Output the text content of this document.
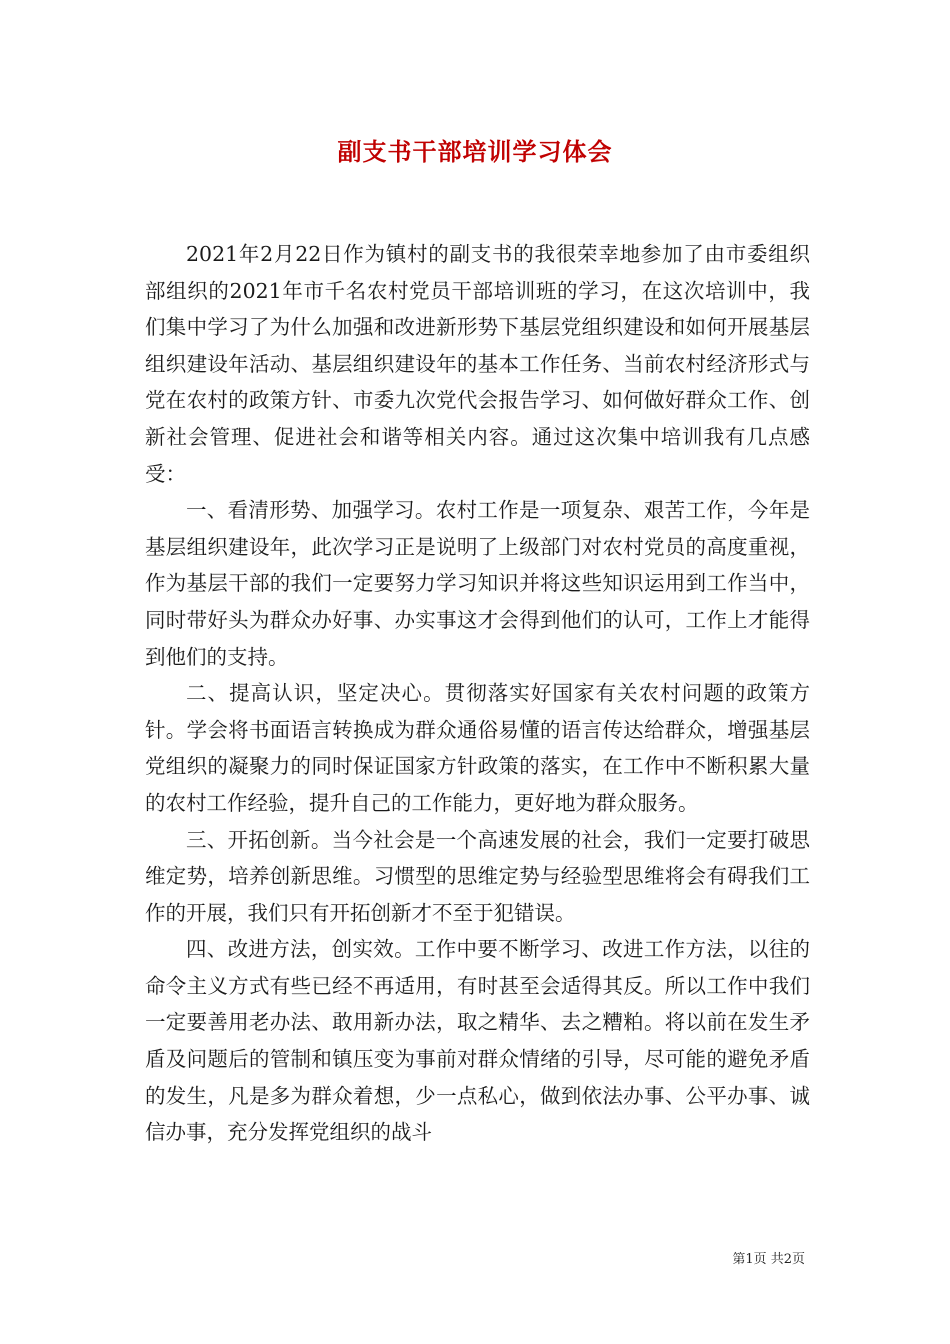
副支书干部培训学习体会

2021年2月22日作为镇村的副支书的我很荣幸地参加了由市委组织部组织的2021年市千名农村党员干部培训班的学习，在这次培训中，我们集中学习了为什么加强和改进新形势下基层党组织建设和如何开展基层组织建设年活动、基层组织建设年的基本工作任务、当前农村经济形式与党在农村的政策方针、市委九次党代会报告学习、如何做好群众工作、创新社会管理、促进社会和谐等相关内容。通过这次集中培训我有几点感受：

一、看清形势、加强学习。农村工作是一项复杂、艰苦工作，今年是基层组织建设年，此次学习正是说明了上级部门对农村党员的高度重视，作为基层干部的我们一定要努力学习知识并将这些知识运用到工作当中，同时带好头为群众办好事、办实事这才会得到他们的认可，工作上才能得到他们的支持。

二、提高认识，坚定决心。贯彻落实好国家有关农村问题的政策方针。学会将书面语言转换成为群众通俗易懂的语言传达给群众，增强基层党组织的凝聚力的同时保证国家方针政策的落实，在工作中不断积累大量的农村工作经验，提升自己的工作能力，更好地为群众服务。

三、开拓创新。当今社会是一个高速发展的社会，我们一定要打破思维定势，培养创新思维。习惯型的思维定势与经验型思维将会有碍我们工作的开展，我们只有开拓创新才不至于犯错误。

四、改进方法，创实效。工作中要不断学习、改进工作方法，以往的命令主义方式有些已经不再适用，有时甚至会适得其反。所以工作中我们一定要善用老办法、敢用新办法，取之精华、去之糟粕。将以前在发生矛盾及问题后的管制和镇压变为事前对群众情绪的引导，尽可能的避免矛盾的发生，凡是多为群众着想，少一点私心，做到依法办事、公平办事、诚信办事，充分发挥党组织的战斗

第1页 共2页
